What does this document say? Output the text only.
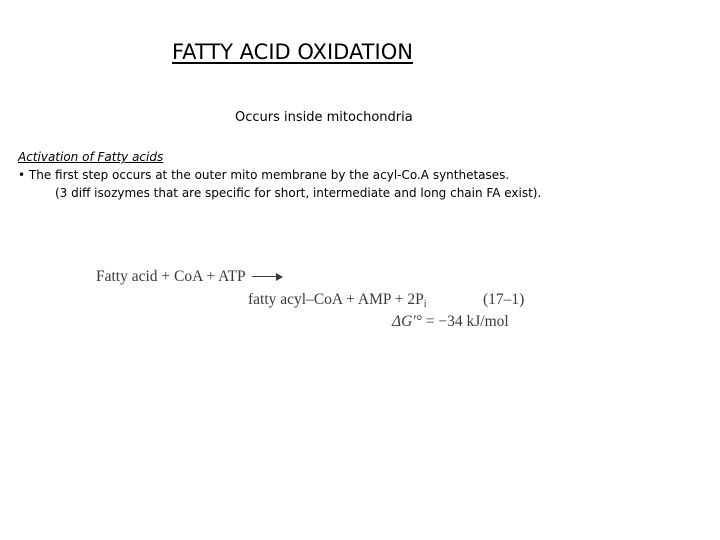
FATTY ACID OXIDATION
Occurs inside mitochondria
Activation of Fatty acids
• The first step occurs at the outer mito membrane by the acyl-Co.A synthetases.
(3 diff isozymes that are specific for short, intermediate and long chain FA exist).
Fatty acid + CoA + ATP →
fatty acyl–CoA + AMP + $2P_i$	(17–1)
ΔG′° = −34 kJ/mol
